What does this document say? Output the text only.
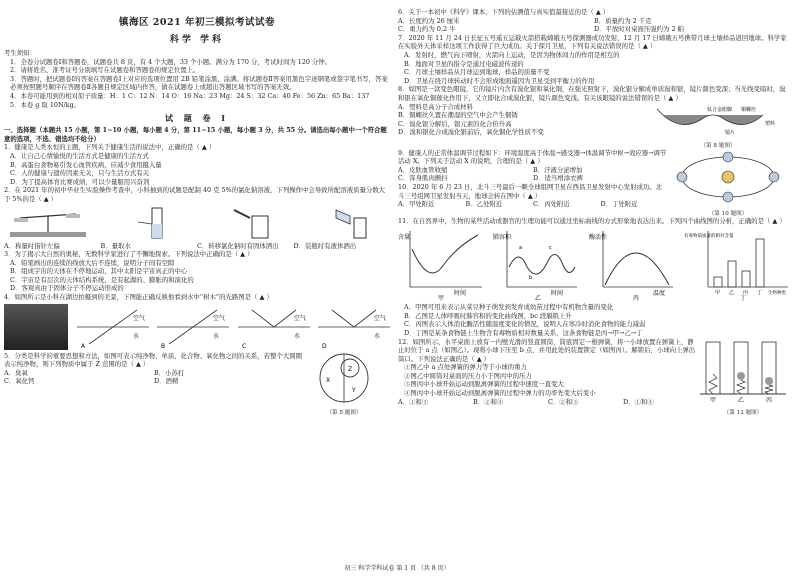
镇海区 2021 年初三模拟考试试卷
科学 学科

考生须知：

1．全卷分试题卷Ⅰ和答题卷，试题卷共 8 页，有 4 个大题，33 个小题。满分为 170 分，考试时间为 120 分钟。

2．请将姓名、准考证号分别填写在试题卷和答题卷的规定位置上。

3．答题时，把试题卷Ⅰ的答案在答题卷Ⅰ上对应的选项位置用 2B 铅笔涂黑，涂满。将试题卷Ⅱ答案用黑色字迹钢笔或签字笔书写，答案必须按照题号顺序在答题卷Ⅱ各题目规定区域内作答，做在试题卷上或超出答题区域书写的答案无效。

4．本卷可能用到的相对原子质量：H：1 C：12 N：14 O：16 Na：23 Mg：24 S：32 Ca：40 Fe：56 Zn：65 Ba：137

5．本卷 g 取 10N/kg。

试 题 卷 Ⅰ

一、选择题（本题共 15 小题，第 1~10 小题，每小题 4 分，第 11~15 小题，每小题 3 分，共 55 分。请选出每小题中一个符合题意的选项，不选、错选均不给分）

1．健康是人类永恒的主题，下列关于健康生活的说法中，正确的是（ ▲ ）

A．让自己心情愉悦的生活方式是健康的生活方式

B．高蛋白食物易引发心血管疾病，应减少食用摄入量

C．人的健康与遗传因素无关，只与生活方式有关

D．为了提高体育比赛成绩，可以少量服用兴奋剂

2．在 2021 年的初中毕业生实验操作考查中，小科抽到的试题是配制 40 克 5%的氯化钠溶液，下列操作中会导致所配溶液质量分数大于 5%的是（ ▲ ）

A．称量时指针左偏	B．量取水	C．转移氯化钠时有固体洒出	D．装瓶时有液体洒出

3．为了揭示大自然的奥秘，无数科学家进行了不懈地探索。下列说法中正确的是（ ▲ ）

A．铅笔画出的连续的线放大后不连续，说明分子间有空隙

B．组成宇宙的天体在不停地运动，其中太阳是宇宙真正的中心

C．宇宙是有层次的天体结构系统，是有起源的、膨胀的和演化的

D．客观真由于固体分子不停运动形成的

4．如图所示是小科在湖边拍摄到的美景，下图能正确反映他看到水中“树木”的光路图是（ ▲ ）

空气
水
A
空气
水
B
空气
水
C
空气
水
D

5．分类是科学的重要思想和方法，如图可表示纯净物、单质、化合物、氧化物之间的关系，若整个大圆圈表示纯净物，则下列物质中属于 Z 范围的是（ ▲ ）

A．臭氧	B．小苏打

C．氧化钙	D．酒精	X
Y
Z
（第 5 题图）

6．关于一本初中《科学》课本，下列的估测值与真实值最接近的是（ ▲ ）

A．长度约为 26 厘米	B．质量约为 2 千克

C．重力约为 0.2 牛	D．平放时对桌面压强约为 2 帕

7．2020 年 11 月 24 日长征五号遥五运载火箭搭载嫦娥五号探测器成功发射，12 月 17 日嫦娥五号携带月球土壤样品返回地球。科学家在实验外天体采样这项工作获得了巨大成功。关于探月卫星，下列有关说法错误的是（ ▲ ）

A．发射时，燃气向下喷射，火箭向上运动，是因为物体间力的作用是相互的

B．地面对卫星的指令是通过电磁波传递的

C．月球土壤样品从月球运到地球，样品的质量不变

D．卫星在绕月球转动时不会形成地面遥因为卫星受到平衡力的作用

8．如图是一款变色眼镜，它的镜片内含有溴化银和氧化铜，在强光照射下，溴化银分解成单质溴和银，镜片颜色变深；当光线变暗时，溴和银在氧化铜催化作用下，又立即化合成溴化银，镜片颜色变浅。有关该眼镜的说法错误的是（ ▲ ）

A．塑料是高分子合成材料

B．铜螺丝久置在潮湿的空气中会产生铜锈

C．溴化银分解后，银元素的化合价升高

D．溴和银化合成溴化银前后，氧化铜化学性质不变

铜螺丝
钛合金眼脚
镜片
塑料
（第 8 题图）

9．健康人的正常体温调节过程如下：环境温度高于体温→感受器→体温调节中枢→效应器→调节活动 X。下列关于活动 X 的说明，合理的是（ ▲ ）

A．皮肤血管收缩	B．汗液分泌增加

C．浑身肌肉颤抖	D．适当增添衣裤

10．2020 年 6 月 23 日，北斗三号最后一颗全球组网卫星在西昌卫星发射中心发射成功。北斗三号组网卫星发射当天，地球会转在图中（ ▲ ）

A．甲处附近	B．乙处附近	C．丙处附近	D．丁处附近

（第 10 题图）

11．在自然界中，生物的某些活动或器官的生理功能可以通过坐标曲线的方式形象地表达出来。下列四个曲线图的分析，正确的是（ ▲ ）

含量
时间
甲
肺容积
a
b
c
时间
乙
酶活性
温度
丙
有毒物质质量的相对含量
甲 乙 丙 丁 生物种类
丁

A．甲图可用来表示从菜豆种子萌发到发育成幼苗过程中有机物含量的变化

B．乙图是人体呼吸时肺容积的变化曲线图，bc 段膈肌上升

C．丙图表示人体消化酶活性随温度变化的情况，说明人在寒冷时消化食物的能力减弱

D．丁图是某条食物链上生物含有毒物质相对数量关系，这条食物链是丙→甲→乙→丁

12．如图所示，水平桌面上放有一内壁光滑的竖直圆筒，筒底固定一根弹簧，将一小球放置在弹簧上，静止时位于 a 点（如图乙）。现将小球下压至 b 点，并用此处的装置锁定（如图丙）。解锁后，小球向上弹出筒口。下列说法正确的是（ ▲ ）

①图乙中 a 点处弹簧的弹力等于小球的重力

②图乙中圆筒对桌面的压力小于图丙中的压力

③图丙中小球开始运动到脱离弹簧的过程中速度一直变大

④图丙中小球开始运动到脱离弹簧的过程中弹力的功率先变大后变小

A．①和③	B．②和④	C．②和③	D．①和④	甲	乙	丙
（第 12 题图）
初三 科学学科试卷 第 1 页 （共 8 页）
